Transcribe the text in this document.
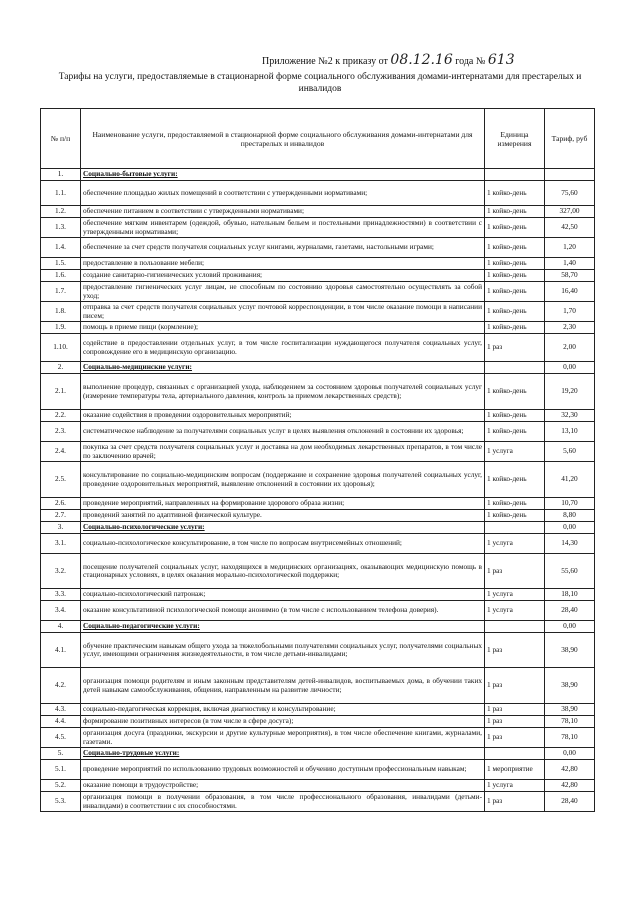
Приложение №2 к приказу от 08.12.16 года № 613
Тарифы на услуги, предоставляемые в стационарной форме социального обслуживания домами-интернатами для престарелых и инвалидов
№ п/п	Наименование услуги, предоставляемой в стационарной форме социального обслуживания домами-интернатами для престарелых и инвалидов	Единица измерения	Тариф, руб
1.	Социально-бытовые услуги:		
1.1.	обеспечение площадью жилых помещений в соответствии с утвержденными нормативами;	1 койко-день	75,60
1.2.	обеспечение питанием в соответствии с утвержденными нормативами;	1 койко-день	327,00
1.3.	обеспечение мягким инвентарем (одеждой, обувью, нательным бельем и постельными принадлежностями) в соответствии с утвержденными нормативами;	1 койко-день	42,50
1.4.	обеспечение за счет средств получателя социальных услуг книгами, журналами, газетами, настольными играми;	1 койко-день	1,20
1.5.	предоставление в пользование мебели;	1 койко-день	1,40
1.6.	создание санитарно-гигиенических условий проживания;	1 койко-день	58,70
1.7.	предоставление гигиенических услуг лицам, не способным по состоянию здоровья самостоятельно осуществлять за собой уход;	1 койко-день	16,40
1.8.	отправка за счет средств получателя социальных услуг почтовой корреспонденции, в том числе оказание помощи в написании писем;	1 койко-день	1,70
1.9.	помощь в приеме пищи (кормление);	1 койко-день	2,30
1.10.	содействие в предоставлении отдельных услуг, в том числе госпитализации нуждающегося получателя социальных услуг, сопровождение его в медицинскую организацию.	1 раз	2,00
2.	Социально-медицинские услуги:		0,00
2.1.	выполнение процедур, связанных с организацией ухода, наблюдением за состоянием здоровья получателей социальных услуг (измерение температуры тела, артериального давления, контроль за приемом лекарственных средств);	1 койко-день	19,20
2.2.	оказание содействия в проведении оздоровительных мероприятий;	1 койко-день	32,30
2.3.	систематическое наблюдение за получателями социальных услуг в целях выявления отклонений в состоянии их здоровья;	1 койко-день	13,10
2.4.	покупка за счет средств получателя социальных услуг и доставка на дом необходимых лекарственных препаратов, в том числе по заключению врачей;	1 услуга	5,60
2.5.	консультирование по социально-медицинским вопросам (поддержание и сохранение здоровья получателей социальных услуг, проведение оздоровительных мероприятий, выявление отклонений в состоянии их здоровья);	1 койко-день	41,20
2.6.	проведение мероприятий, направленных на формирование здорового образа жизни;	1 койко-день	10,70
2.7.	проведений занятий по адаптивной физической культуре.	1 койко-день	8,80
3.	Социально-психологические услуги:		0,00
3.1.	социально-психологическое консультирование, в том числе по вопросам внутрисемейных отношений;	1 услуга	14,30
3.2.	посещение получателей социальных услуг, находящихся в медицинских организациях, оказывающих медицинскую помощь в стационарных условиях, в целях оказания морально-психологической поддержки;	1 раз	55,60
3.3.	социально-психологический патронаж;	1 услуга	18,10
3.4.	оказание консультативной психологической помощи анонимно (в том числе с использованием телефона доверия).	1 услуга	28,40
4.	Социально-педагогические услуги:		0,00
4.1.	обучение практическим навыкам общего ухода за тяжелобольными получателями социальных услуг, получателями социальных услуг, имеющими ограничения жизнедеятельности, в том числе детьми-инвалидами;	1 раз	38,90
4.2.	организация помощи родителям и иным законным представителям детей-инвалидов, воспитываемых дома, в обучении таких детей навыкам самообслуживания, общения, направленным на развитие личности;	1 раз	38,90
4.3.	социально-педагогическая коррекция, включая диагностику и консультирование;	1 раз	38,90
4.4.	формирование позитивных интересов (в том числе в сфере досуга);	1 раз	78,10
4.5.	организация досуга (праздники, экскурсии и другие культурные мероприятия), в том числе обеспечение книгами, журналами, газетами.	1 раз	78,10
5.	Социально-трудовые услуги:		0,00
5.1.	проведение мероприятий по использованию трудовых возможностей и обучению доступным профессиональным навыкам;	1 мероприятие	42,80
5.2.	оказание помощи в трудоустройстве;	1 услуга	42,80
5.3.	организация помощи в получении образования, в том числе профессионального образования, инвалидами (детьми-инвалидами) в соответствии с их способностями.	1 раз	28,40
